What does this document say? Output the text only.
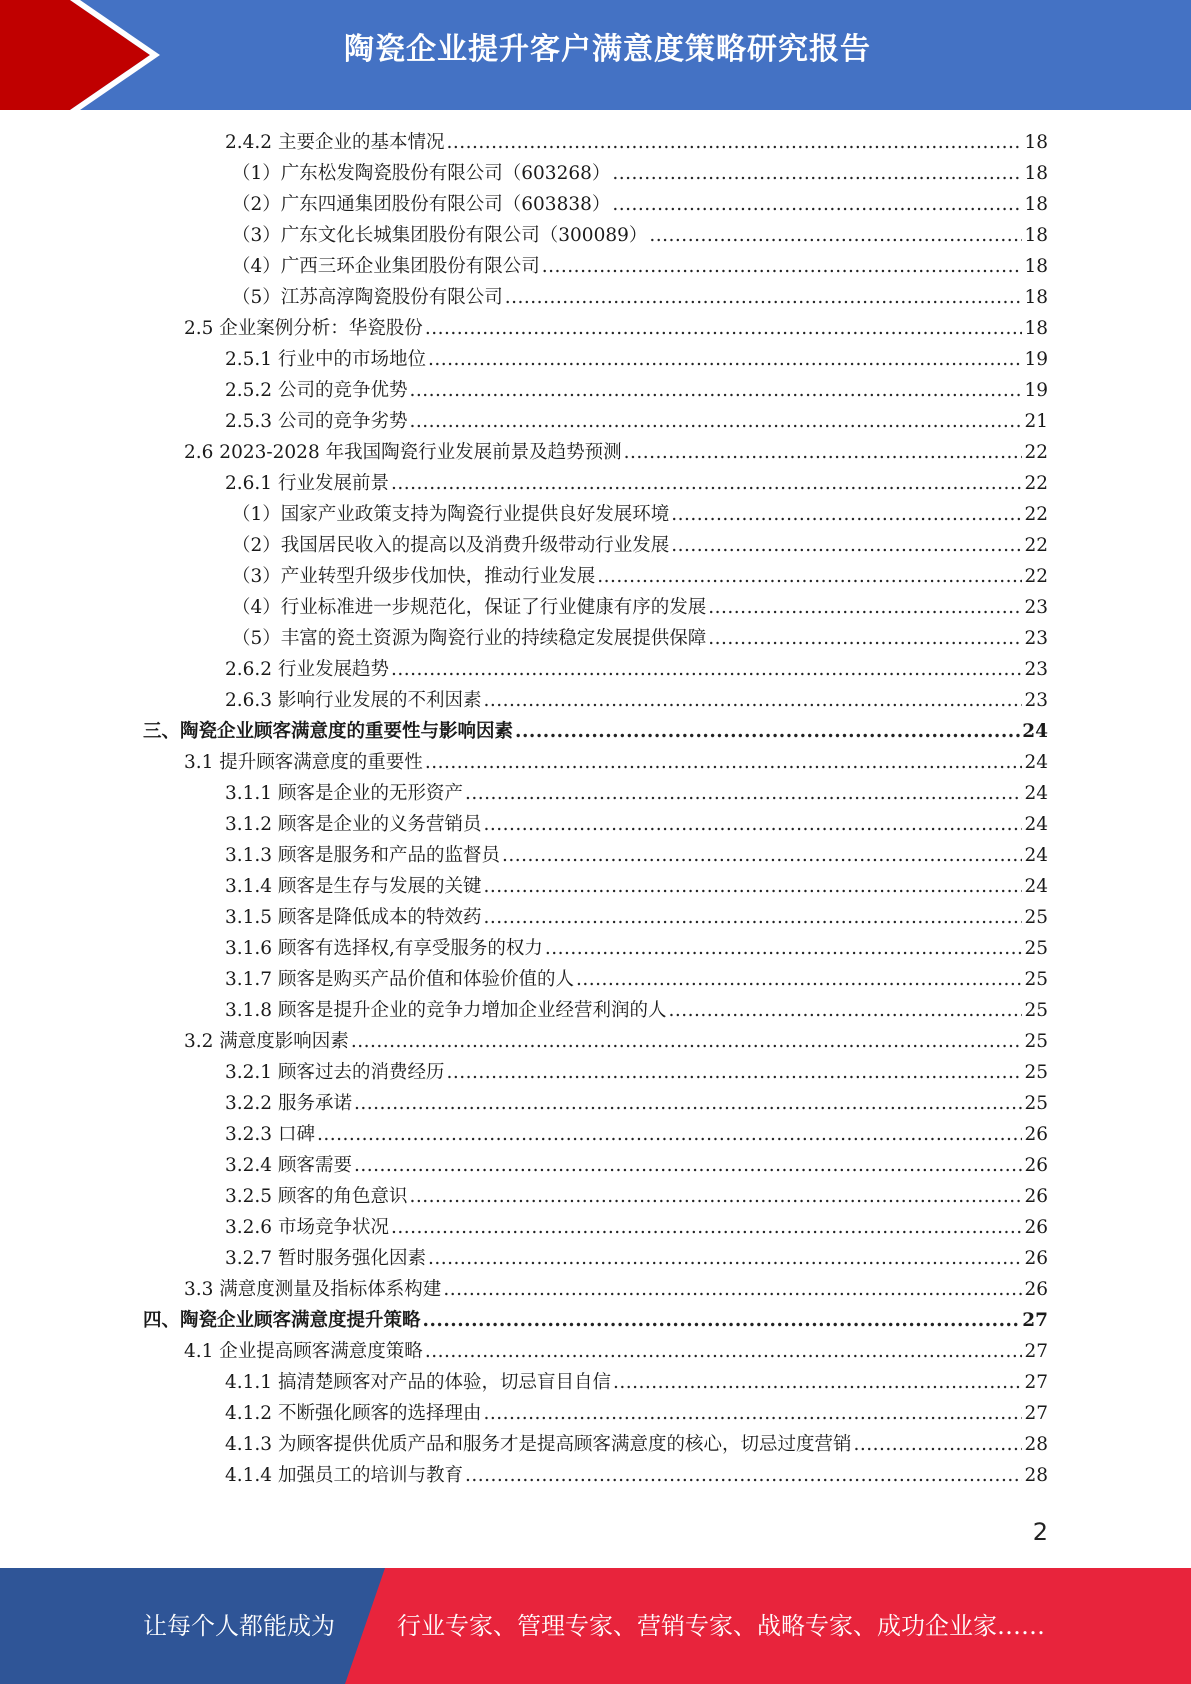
陶瓷企业提升客户满意度策略研究报告
2.4.2 主要企业的基本情况 .....	18
（1）广东松发陶瓷股份有限公司（603268） .....	18
（2）广东四通集团股份有限公司（603838） .....	18
（3）广东文化长城集团股份有限公司（300089） .....	18
（4）广西三环企业集团股份有限公司 .....	18
（5）江苏高淳陶瓷股份有限公司 .....	18
2.5 企业案例分析：华瓷股份 .....	18
2.5.1 行业中的市场地位 .....	19
2.5.2 公司的竞争优势 .....	19
2.5.3 公司的竞争劣势 .....	21
2.6 2023-2028 年我国陶瓷行业发展前景及趋势预测 .....	22
2.6.1 行业发展前景 .....	22
（1）国家产业政策支持为陶瓷行业提供良好发展环境 .....	22
（2）我国居民收入的提高以及消费升级带动行业发展 .....	22
（3）产业转型升级步伐加快，推动行业发展 .....	22
（4）行业标准进一步规范化，保证了行业健康有序的发展 .....	23
（5）丰富的瓷土资源为陶瓷行业的持续稳定发展提供保障 .....	23
2.6.2 行业发展趋势 .....	23
2.6.3 影响行业发展的不利因素 .....	23
三、陶瓷企业顾客满意度的重要性与影响因素 .....	24
3.1 提升顾客满意度的重要性 .....	24
3.1.1 顾客是企业的无形资产 .....	24
3.1.2 顾客是企业的义务营销员 .....	24
3.1.3 顾客是服务和产品的监督员 .....	24
3.1.4 顾客是生存与发展的关键 .....	24
3.1.5 顾客是降低成本的特效药 .....	25
3.1.6 顾客有选择权,有享受服务的权力 .....	25
3.1.7 顾客是购买产品价值和体验价值的人 .....	25
3.1.8 顾客是提升企业的竞争力增加企业经营利润的人 .....	25
3.2 满意度影响因素 .....	25
3.2.1 顾客过去的消费经历 .....	25
3.2.2 服务承诺 .....	25
3.2.3 口碑 .....	26
3.2.4 顾客需要 .....	26
3.2.5 顾客的角色意识 .....	26
3.2.6 市场竞争状况 .....	26
3.2.7 暂时服务强化因素 .....	26
3.3 满意度测量及指标体系构建 .....	26
四、陶瓷企业顾客满意度提升策略 .....	27
4.1 企业提高顾客满意度策略 .....	27
4.1.1 搞清楚顾客对产品的体验，切忌盲目自信 .....	27
4.1.2 不断强化顾客的选择理由 .....	27
4.1.3 为顾客提供优质产品和服务才是提高顾客满意度的核心，切忌过度营销 .....	28
4.1.4 加强员工的培训与教育 .....	28
2
让每个人都能成为	行业专家、管理专家、营销专家、战略专家、成功企业家……
